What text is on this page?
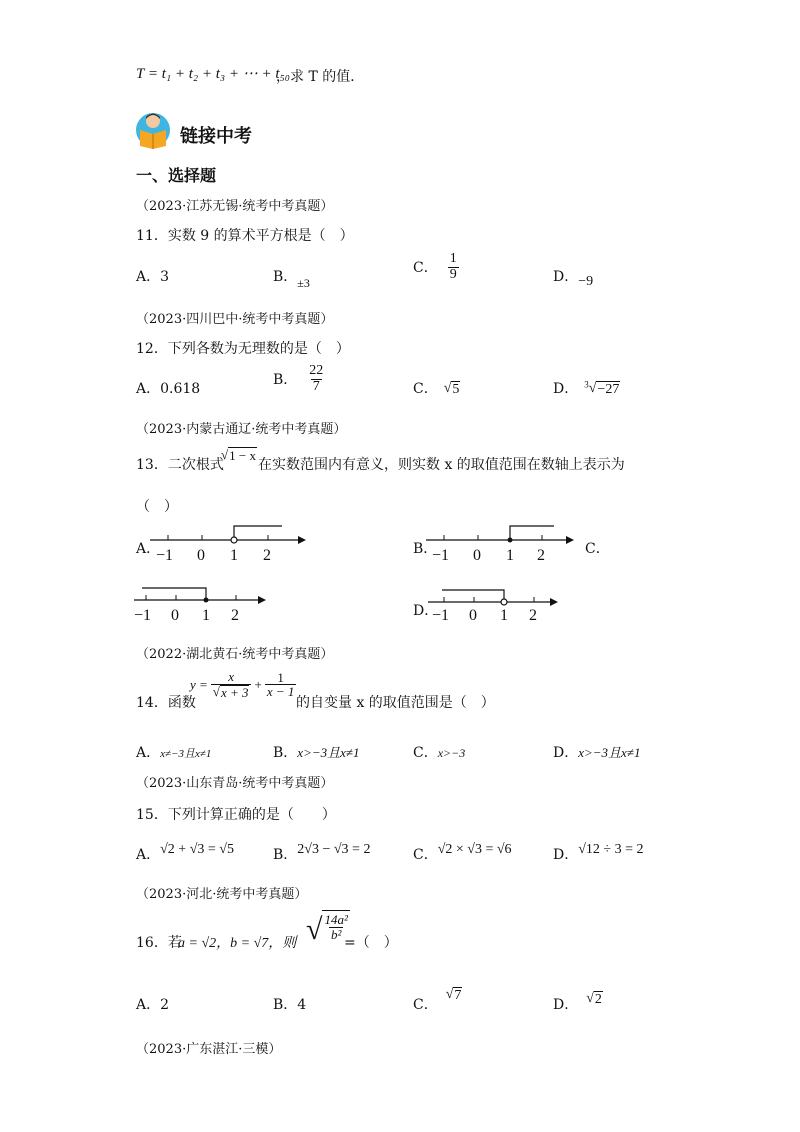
T = t₁ + t₂ + t₃ + ⋯ + t₅₀
，求 T 的值．
链接中考
一、选择题
（2023·江苏无锡·统考中考真题）
11．实数 9 的算术平方根是（　）
A．3	B．±3
C． $\frac{1}{9}$	D．−9
（2023·四川巴中·统考中考真题）
12．下列各数为无理数的是（　）
A．0.618
B． $\frac{22}{7}$	C． √ 5	D． $^3$ √ −27
（2023·内蒙古通辽·统考中考真题）
13．二次根式
√ 1 − x
在实数范围内有意义，则实数 x 的取值范围在数轴上表示为
（　）
A．
−1 0 1 2	B．
−1 0 1 2	C．
−1 0 1 2	D．
−1 0 1 2
（2022·湖北黄石·统考中考真题）
14．函数
$y = \frac{x}{√ x + 3} + \frac{1}{x - 1}$
的自变量 x 的取值范围是（　）
A．x≠−3且x≠1	B．x>−3且x≠1	C．x>−3	D．x>−3且x≠1
（2023·山东青岛·统考中考真题）
15．下列计算正确的是（　　）
A．√2 + √3 = √5	B．2√3 − √3 = 2	C．√2 × √3 = √6	D．√12 ÷ 3 = 2
（2023·河北·统考中考真题）
16．若
a = √2，b = √7，则 √ $\frac{\text{14a²}}{\text{b²}}$
=（　）
A．2	B．4	C．
√ 7
D． √ 2
（2023·广东湛江·三模）
